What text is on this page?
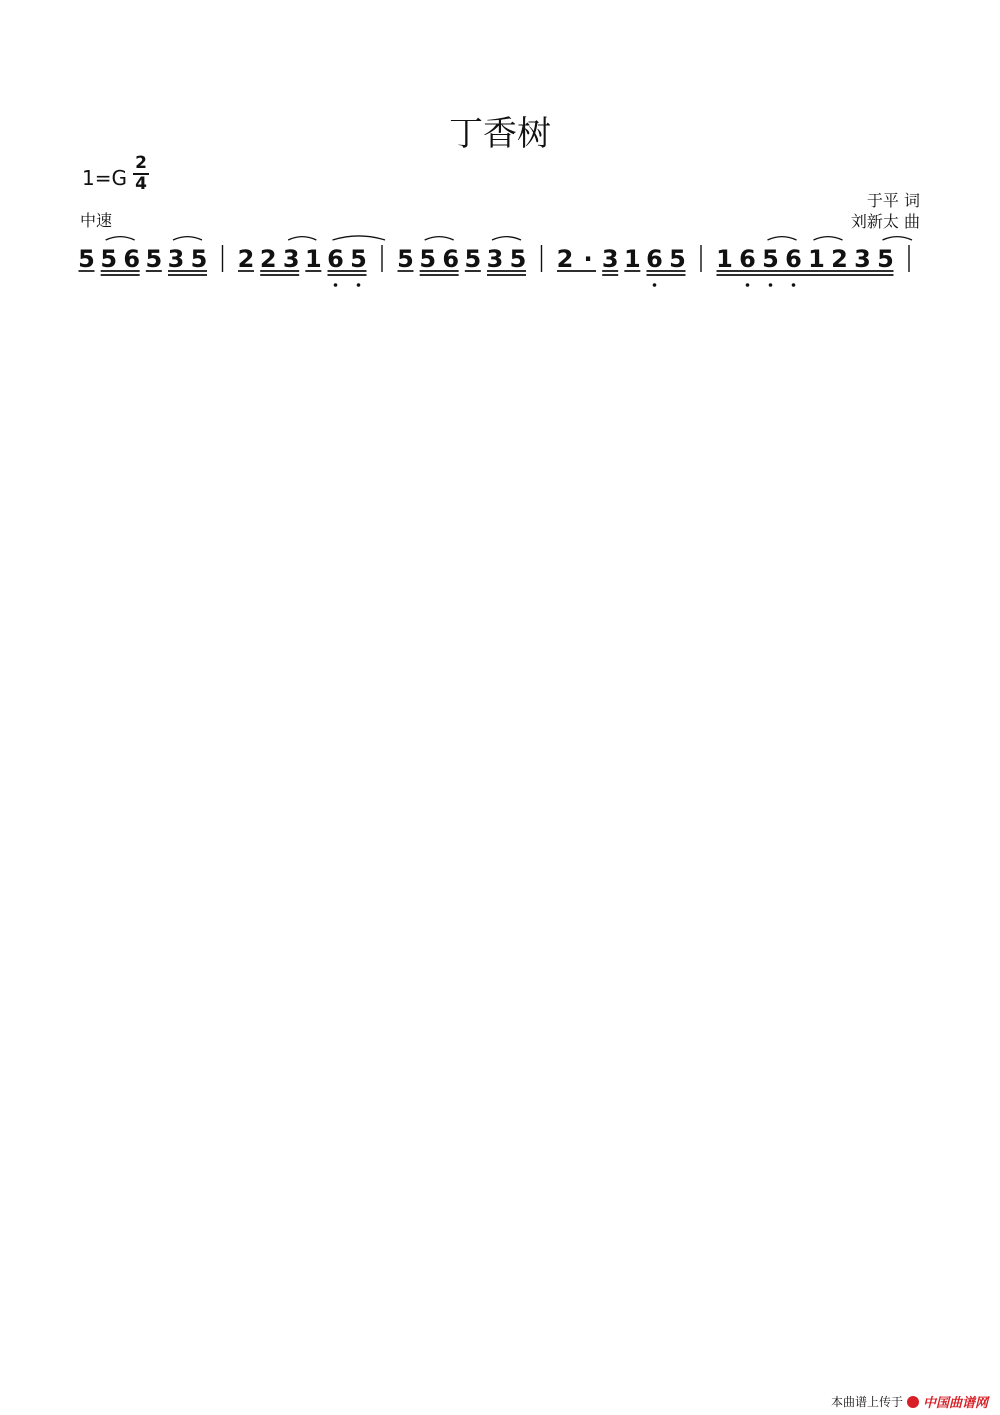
丁香树
1=G
2
4
中速
于平 词
刘新太 曲
5 5 6 5 3 5 2 2 3 1 6 5 5 5 6 5 3 5 2 · 3 1 6 5 1 6 5 6 1 2 3 5
本曲谱上传于 中国曲谱网
